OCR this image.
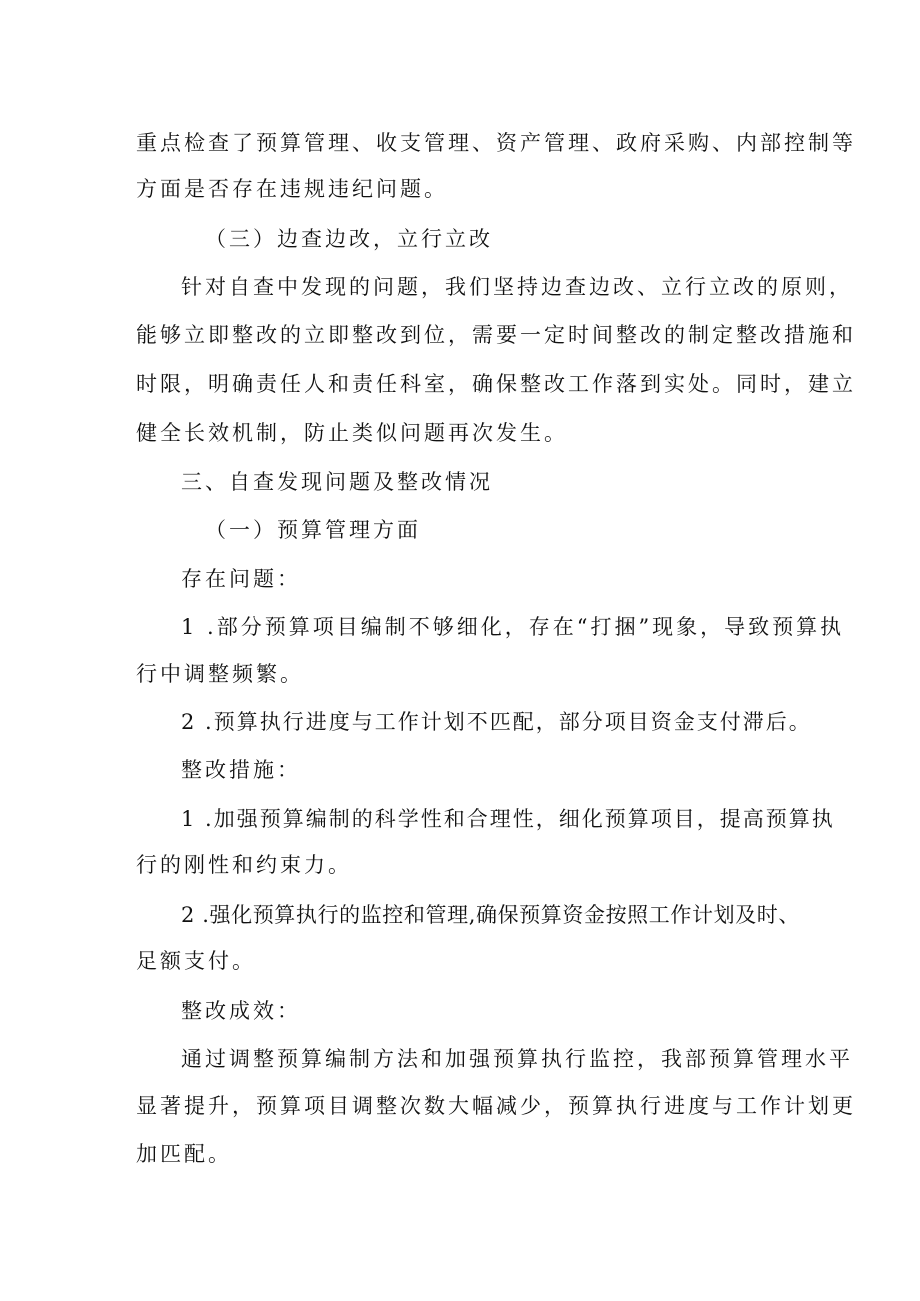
重点检查了预算管理、收支管理、资产管理、政府采购、内部控制等
方面是否存在违规违纪问题。
（三）边查边改，立行立改
针对自查中发现的问题，我们坚持边查边改、立行立改的原则，
能够立即整改的立即整改到位，需要一定时间整改的制定整改措施和
时限，明确责任人和责任科室，确保整改工作落到实处。同时，建立
健全长效机制，防止类似问题再次发生。
三、自查发现问题及整改情况
（一）预算管理方面
存在问题：
1 .部分预算项目编制不够细化，存在“打捆”现象，导致预算执
行中调整频繁。
2 .预算执行进度与工作计划不匹配，部分项目资金支付滞后。
整改措施：
1 .加强预算编制的科学性和合理性，细化预算项目，提高预算执
行的刚性和约束力。
2 .强化预算执行的监控和管理,确保预算资金按照工作计划及时、
足额支付。
整改成效：
通过调整预算编制方法和加强预算执行监控，我部预算管理水平
显著提升，预算项目调整次数大幅减少，预算执行进度与工作计划更
加匹配。
